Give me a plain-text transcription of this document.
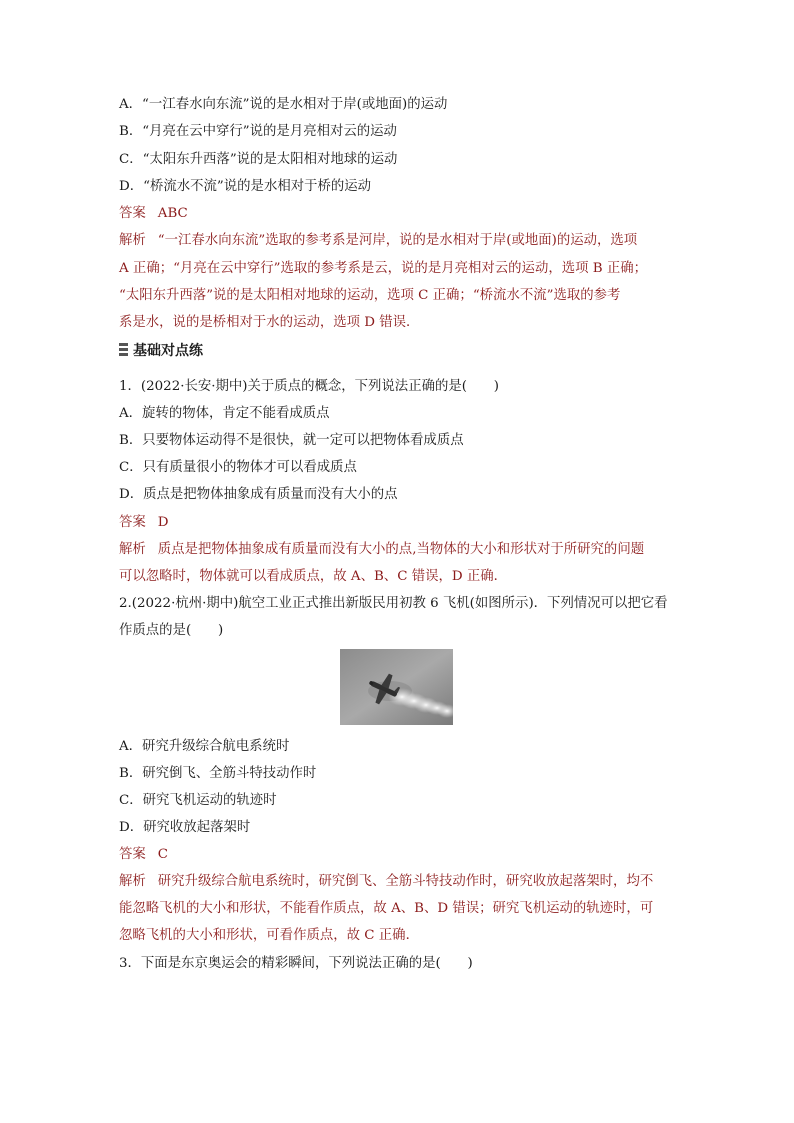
A．“一江春水向东流”说的是水相对于岸(或地面)的运动
B．“月亮在云中穿行”说的是月亮相对云的运动
C．“太阳东升西落”说的是太阳相对地球的运动
D．“桥流水不流”说的是水相对于桥的运动
答案 ABC
解析 “一江春水向东流”选取的参考系是河岸，说的是水相对于岸(或地面)的运动，选项
A 正确；“月亮在云中穿行”选取的参考系是云，说的是月亮相对云的运动，选项 B 正确；
“太阳东升西落”说的是太阳相对地球的运动，选项 C 正确；“桥流水不流”选取的参考
系是水，说的是桥相对于水的运动，选项 D 错误．
基础对点练
1．(2022·长安·期中)关于质点的概念，下列说法正确的是(　　)
A．旋转的物体，肯定不能看成质点
B．只要物体运动得不是很快，就一定可以把物体看成质点
C．只有质量很小的物体才可以看成质点
D．质点是把物体抽象成有质量而没有大小的点
答案 D
解析 质点是把物体抽象成有质量而没有大小的点,当物体的大小和形状对于所研究的问题
可以忽略时，物体就可以看成质点，故 A、B、C 错误，D 正确．
2.(2022·杭州·期中)航空工业正式推出新版民用初教 6 飞机(如图所示)．下列情况可以把它看
作质点的是(　　)
A．研究升级综合航电系统时
B．研究倒飞、全筋斗特技动作时
C．研究飞机运动的轨迹时
D．研究收放起落架时
答案 C
解析 研究升级综合航电系统时，研究倒飞、全筋斗特技动作时，研究收放起落架时，均不
能忽略飞机的大小和形状，不能看作质点，故 A、B、D 错误；研究飞机运动的轨迹时，可
忽略飞机的大小和形状，可看作质点，故 C 正确．
3．下面是东京奥运会的精彩瞬间，下列说法正确的是(　　)
